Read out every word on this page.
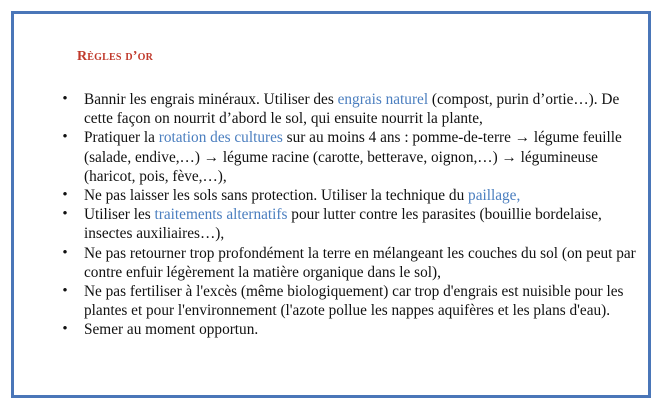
Règles d’or
• Bannir les engrais minéraux. Utiliser des engrais naturel (compost, purin d’ortie…). De cette façon on nourrit d’abord le sol, qui ensuite nourrit la plante,
• Pratiquer la rotation des cultures sur au moins 4 ans : pomme-de-terre → légume feuille (salade, endive,…) → légume racine (carotte, betterave, oignon,…) → légumineuse (haricot, pois, fève,…),
• Ne pas laisser les sols sans protection. Utiliser la technique du paillage,
• Utiliser les traitements alternatifs pour lutter contre les parasites (bouillie bordelaise, insectes auxiliaires…),
• Ne pas retourner trop profondément la terre en mélangeant les couches du sol (on peut par contre enfuir légèrement la matière organique dans le sol),
• Ne pas fertiliser à l'excès (même biologiquement) car trop d'engrais est nuisible pour les plantes et pour l'environnement (l'azote pollue les nappes aquifères et les plans d'eau).
• Semer au moment opportun.
